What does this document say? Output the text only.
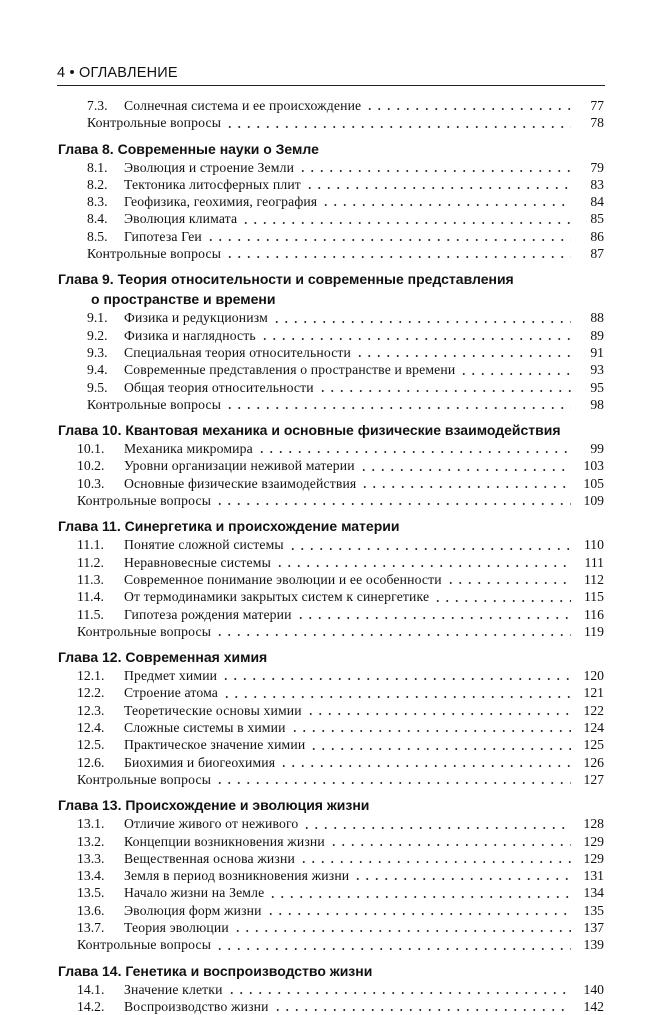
4 • ОГЛАВЛЕНИЕ
7.3.	Солнечная система и ее происхождение	77
Контрольные вопросы	78
Глава 8. Современные науки о Земле
8.1.	Эволюция и строение Земли	79
8.2.	Тектоника литосферных плит	83
8.3.	Геофизика, геохимия, география	84
8.4.	Эволюция климата	85
8.5.	Гипотеза Геи	86
Контрольные вопросы	87
Глава 9. Теория относительности и современные представления
о пространстве и времени
9.1.	Физика и редукционизм	88
9.2.	Физика и наглядность	89
9.3.	Специальная теория относительности	91
9.4.	Современные представления о пространстве и времени	93
9.5.	Общая теория относительности	95
Контрольные вопросы	98
Глава 10. Квантовая механика и основные физические взаимодействия
10.1.	Механика микромира	99
10.2.	Уровни организации неживой материи	103
10.3.	Основные физические взаимодействия	105
Контрольные вопросы	109
Глава 11. Синергетика и происхождение материи
11.1.	Понятие сложной системы	110
11.2.	Неравновесные системы	111
11.3.	Современное понимание эволюции и ее особенности	112
11.4.	От термодинамики закрытых систем к синергетике	115
11.5.	Гипотеза рождения материи	116
Контрольные вопросы	119
Глава 12. Современная химия
12.1.	Предмет химии	120
12.2.	Строение атома	121
12.3.	Теоретические основы химии	122
12.4.	Сложные системы в химии	124
12.5.	Практическое значение химии	125
12.6.	Биохимия и биогеохимия	126
Контрольные вопросы	127
Глава 13. Происхождение и эволюция жизни
13.1.	Отличие живого от неживого	128
13.2.	Концепции возникновения жизни	129
13.3.	Вещественная основа жизни	129
13.4.	Земля в период возникновения жизни	131
13.5.	Начало жизни на Земле	134
13.6.	Эволюция форм жизни	135
13.7.	Теория эволюции	137
Контрольные вопросы	139
Глава 14. Генетика и воспроизводство жизни
14.1.	Значение клетки	140
14.2.	Воспроизводство жизни	142
